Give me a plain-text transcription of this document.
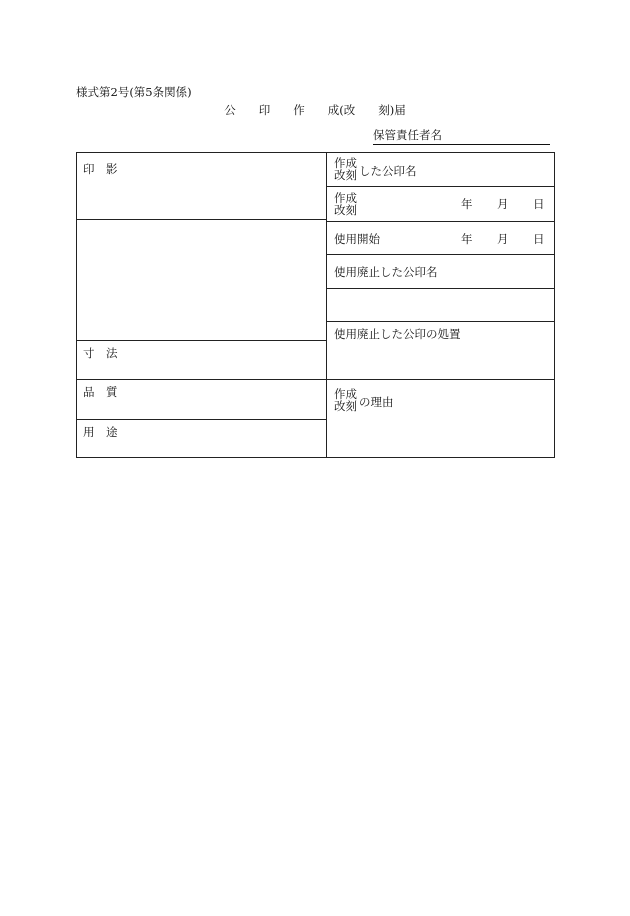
様式第2号(第5条関係)
公　　印　　作　　成(改　　刻)届
保管責任者名
印　影
寸　法
品　質
用　途
作成
改刻 した公印名
作成
改刻	年 月 日
使用開始	年 月 日
使用廃止した公印名
使用廃止した公印の処置
作成
改刻 の理由
